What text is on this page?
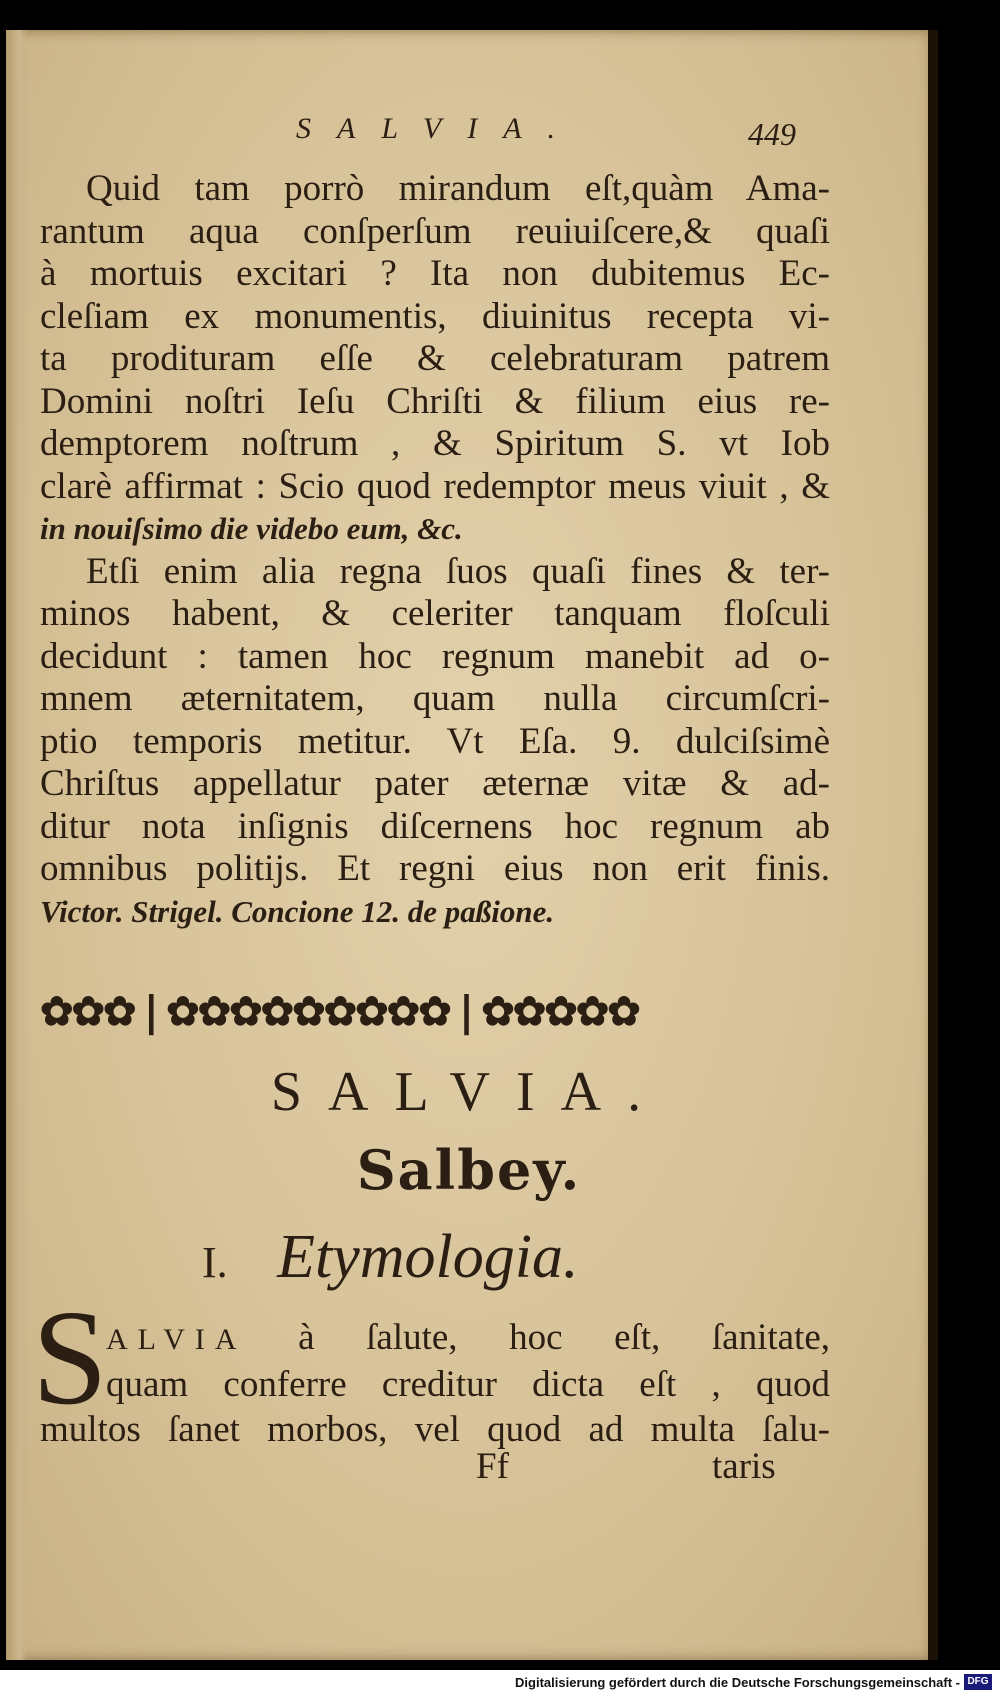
SALVIA.	449
Quid tam porrò mirandum eſt,quàm Ama-
rantum aqua conſperſum reuiuiſcere,& quaſi
à mortuis excitari ? Ita non dubitemus Ec-
cleſiam ex monumentis, diuinitus recepta vi-
ta prodituram eſſe & celebraturam patrem
Domini noſtri Ieſu Chriſti & filium eius re-
demptorem noſtrum , & Spiritum S. vt Iob
clarè affirmat : Scio quod redemptor meus viuit , &
in nouiſsimo die videbo eum, &c.
Etſi enim alia regna ſuos quaſi fines & ter-
minos habent, & celeriter tanquam floſculi
decidunt : tamen hoc regnum manebit ad o-
mnem æternitatem, quam nulla circumſcri-
ptio temporis metitur. Vt Eſa. 9. dulciſsimè
Chriſtus appellatur pater æternæ vitæ & ad-
ditur nota inſignis diſcernens hoc regnum ab
omnibus politijs. Et regni eius non erit finis.
Victor. Strigel. Concione 12. de paßione.
✿✿✿❘✿✿✿✿✿✿✿✿✿❘✿✿✿✿✿
SALVIA.
Salbey.
I. Etymologia.
S
ALVIA à ſalute, hoc eſt, ſanitate,
quam conferre creditur dicta eſt , quod
multos ſanet morbos, vel quod ad multa ſalu-
Ff	taris
Digitalisierung gefördert durch die Deutsche Forschungsgemeinschaft - DFG
